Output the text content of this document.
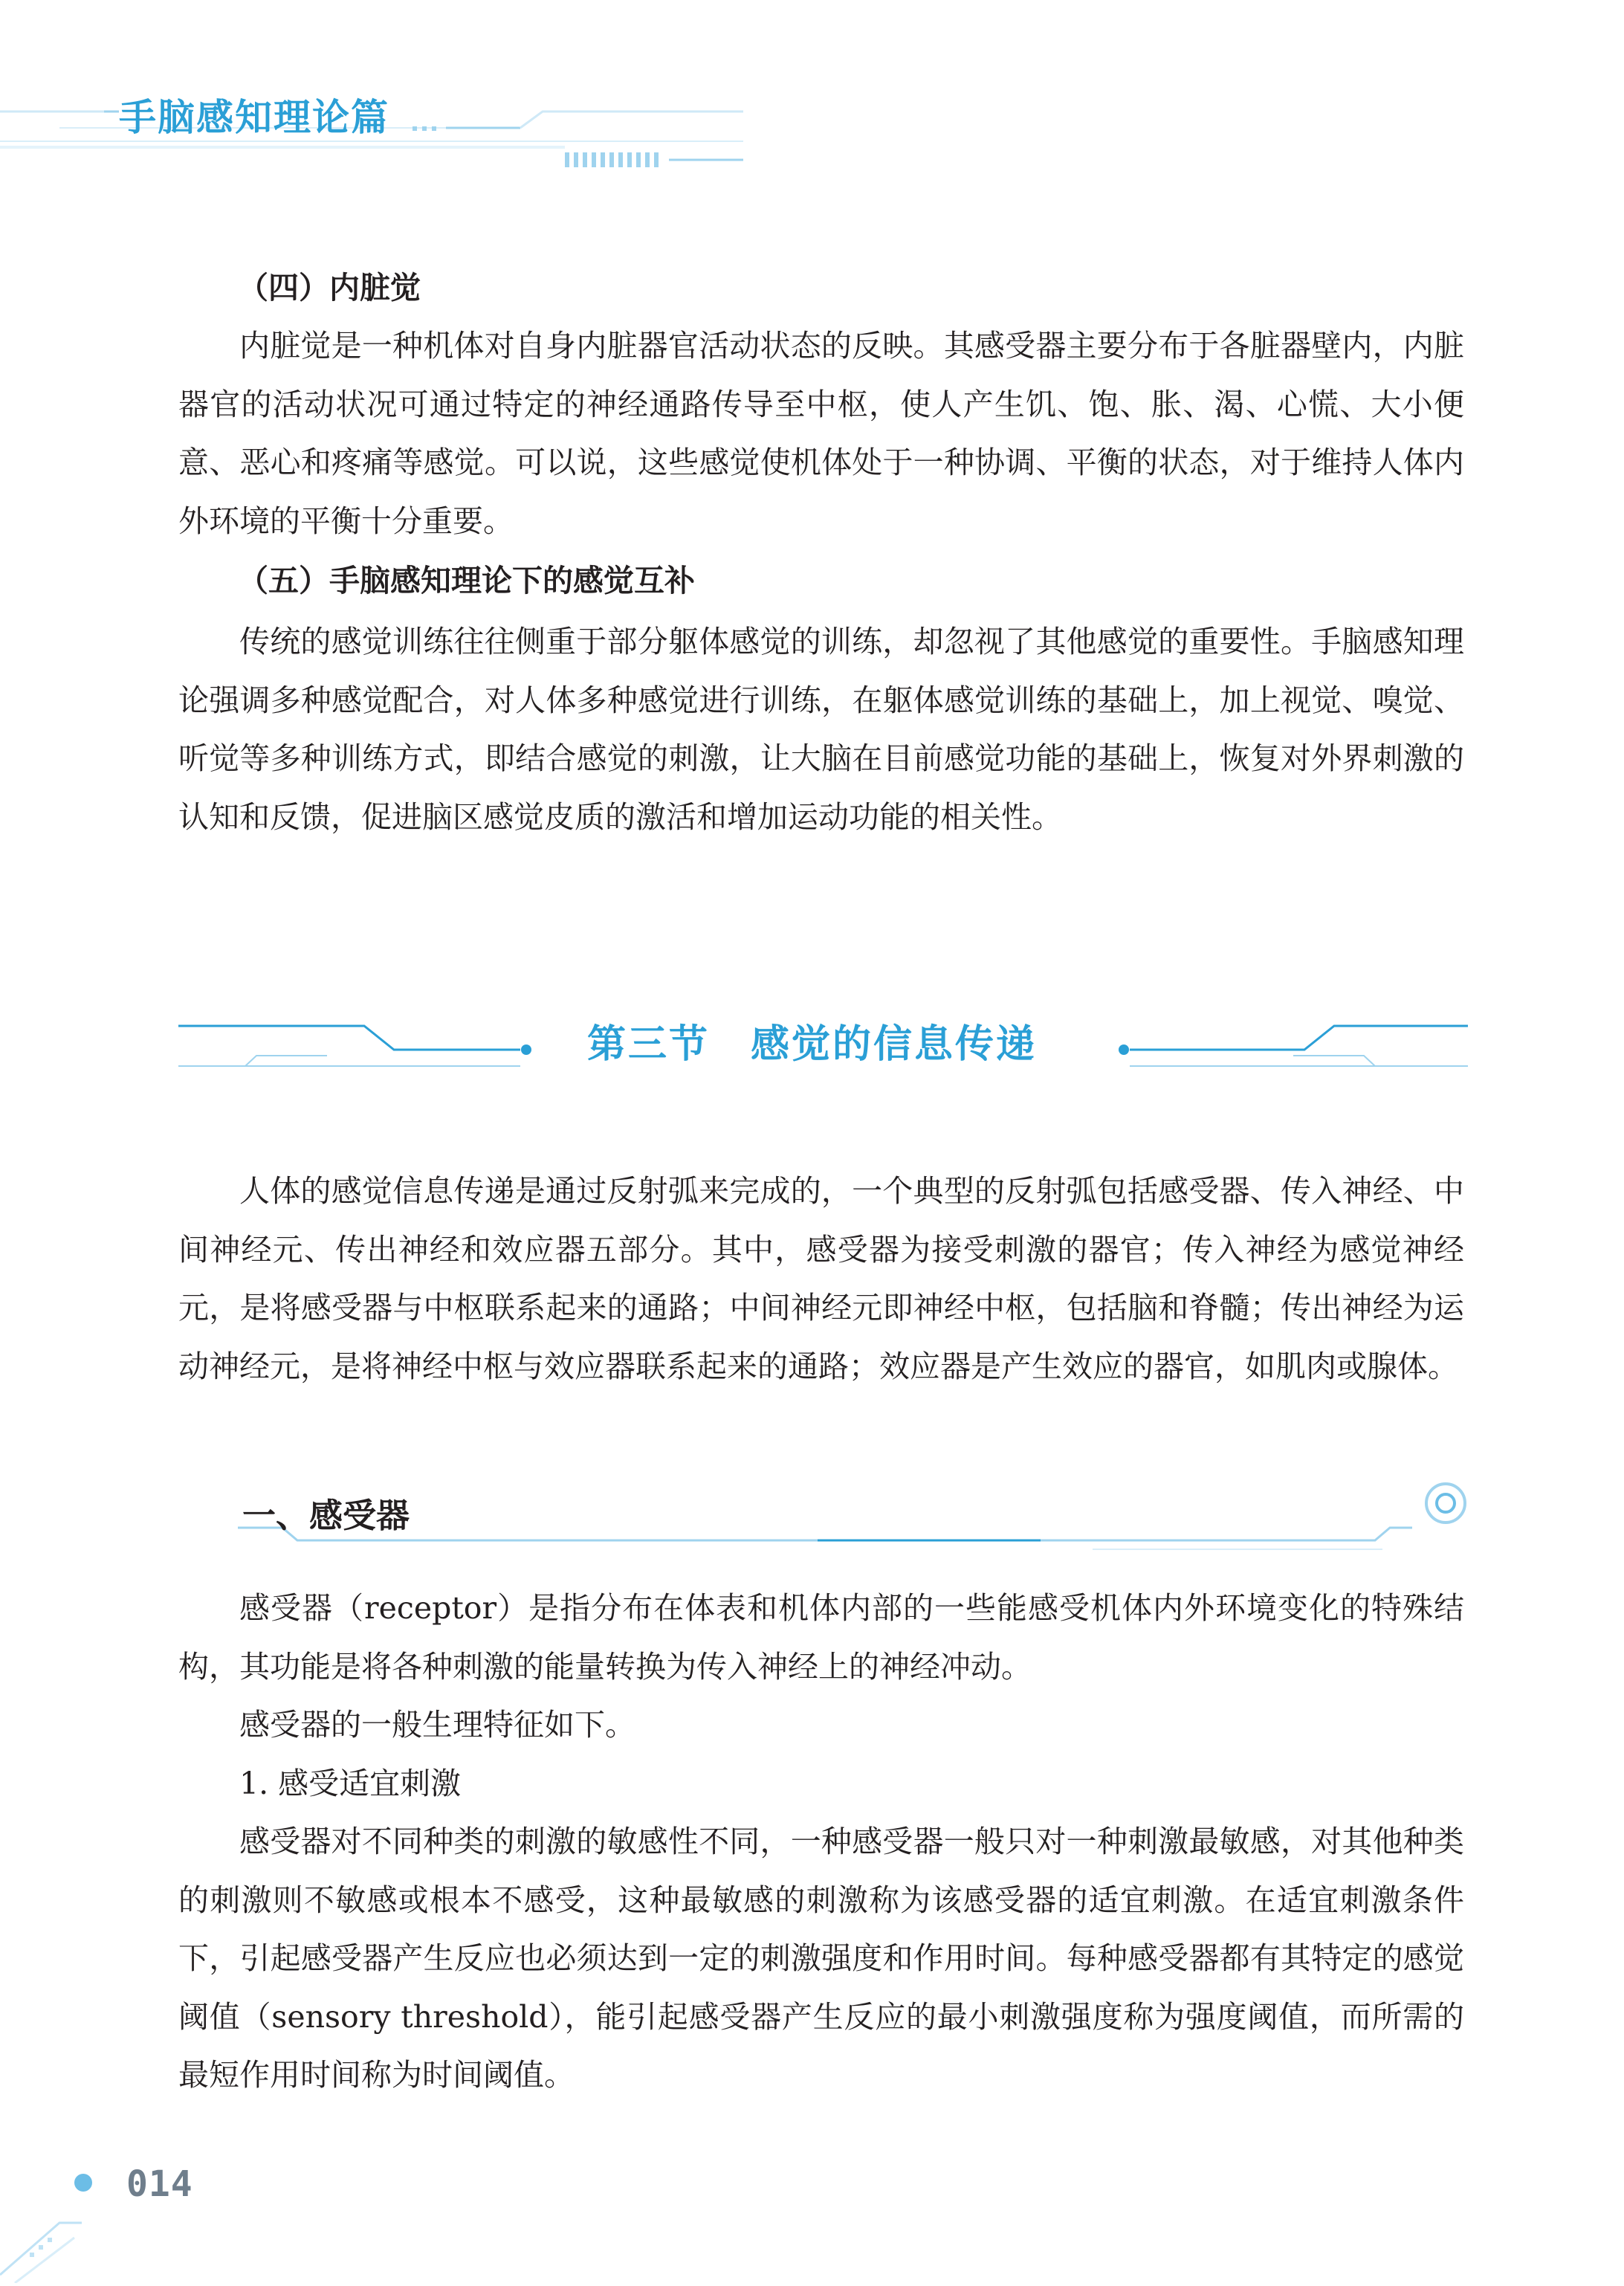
手脑感知理论篇

（四）内脏觉

内脏觉是一种机体对自身内脏器官活动状态的反映。其感受器主要分布于各脏器壁内，内脏器官的活动状况可通过特定的神经通路传导至中枢，使人产生饥、饱、胀、渴、心慌、大小便意、恶心和疼痛等感觉。可以说，这些感觉使机体处于一种协调、平衡的状态，对于维持人体内外环境的平衡十分重要。

（五）手脑感知理论下的感觉互补

传统的感觉训练往往侧重于部分躯体感觉的训练，却忽视了其他感觉的重要性。手脑感知理论强调多种感觉配合，对人体多种感觉进行训练，在躯体感觉训练的基础上，加上视觉、嗅觉、听觉等多种训练方式，即结合感觉的刺激，让大脑在目前感觉功能的基础上，恢复对外界刺激的认知和反馈，促进脑区感觉皮质的激活和增加运动功能的相关性。

第三节　感觉的信息传递

人体的感觉信息传递是通过反射弧来完成的，一个典型的反射弧包括感受器、传入神经、中间神经元、传出神经和效应器五部分。其中，感受器为接受刺激的器官；传入神经为感觉神经元，是将感受器与中枢联系起来的通路；中间神经元即神经中枢，包括脑和脊髓；传出神经为运动神经元，是将神经中枢与效应器联系起来的通路；效应器是产生效应的器官，如肌肉或腺体。

一、感受器

感受器（receptor）是指分布在体表和机体内部的一些能感受机体内外环境变化的特殊结构，其功能是将各种刺激的能量转换为传入神经上的神经冲动。

感受器的一般生理特征如下。

1. 感受适宜刺激

感受器对不同种类的刺激的敏感性不同，一种感受器一般只对一种刺激最敏感，对其他种类的刺激则不敏感或根本不感受，这种最敏感的刺激称为该感受器的适宜刺激。在适宜刺激条件下，引起感受器产生反应也必须达到一定的刺激强度和作用时间。每种感受器都有其特定的感觉阈值（sensory threshold），能引起感受器产生反应的最小刺激强度称为强度阈值，而所需的最短作用时间称为时间阈值。

014
